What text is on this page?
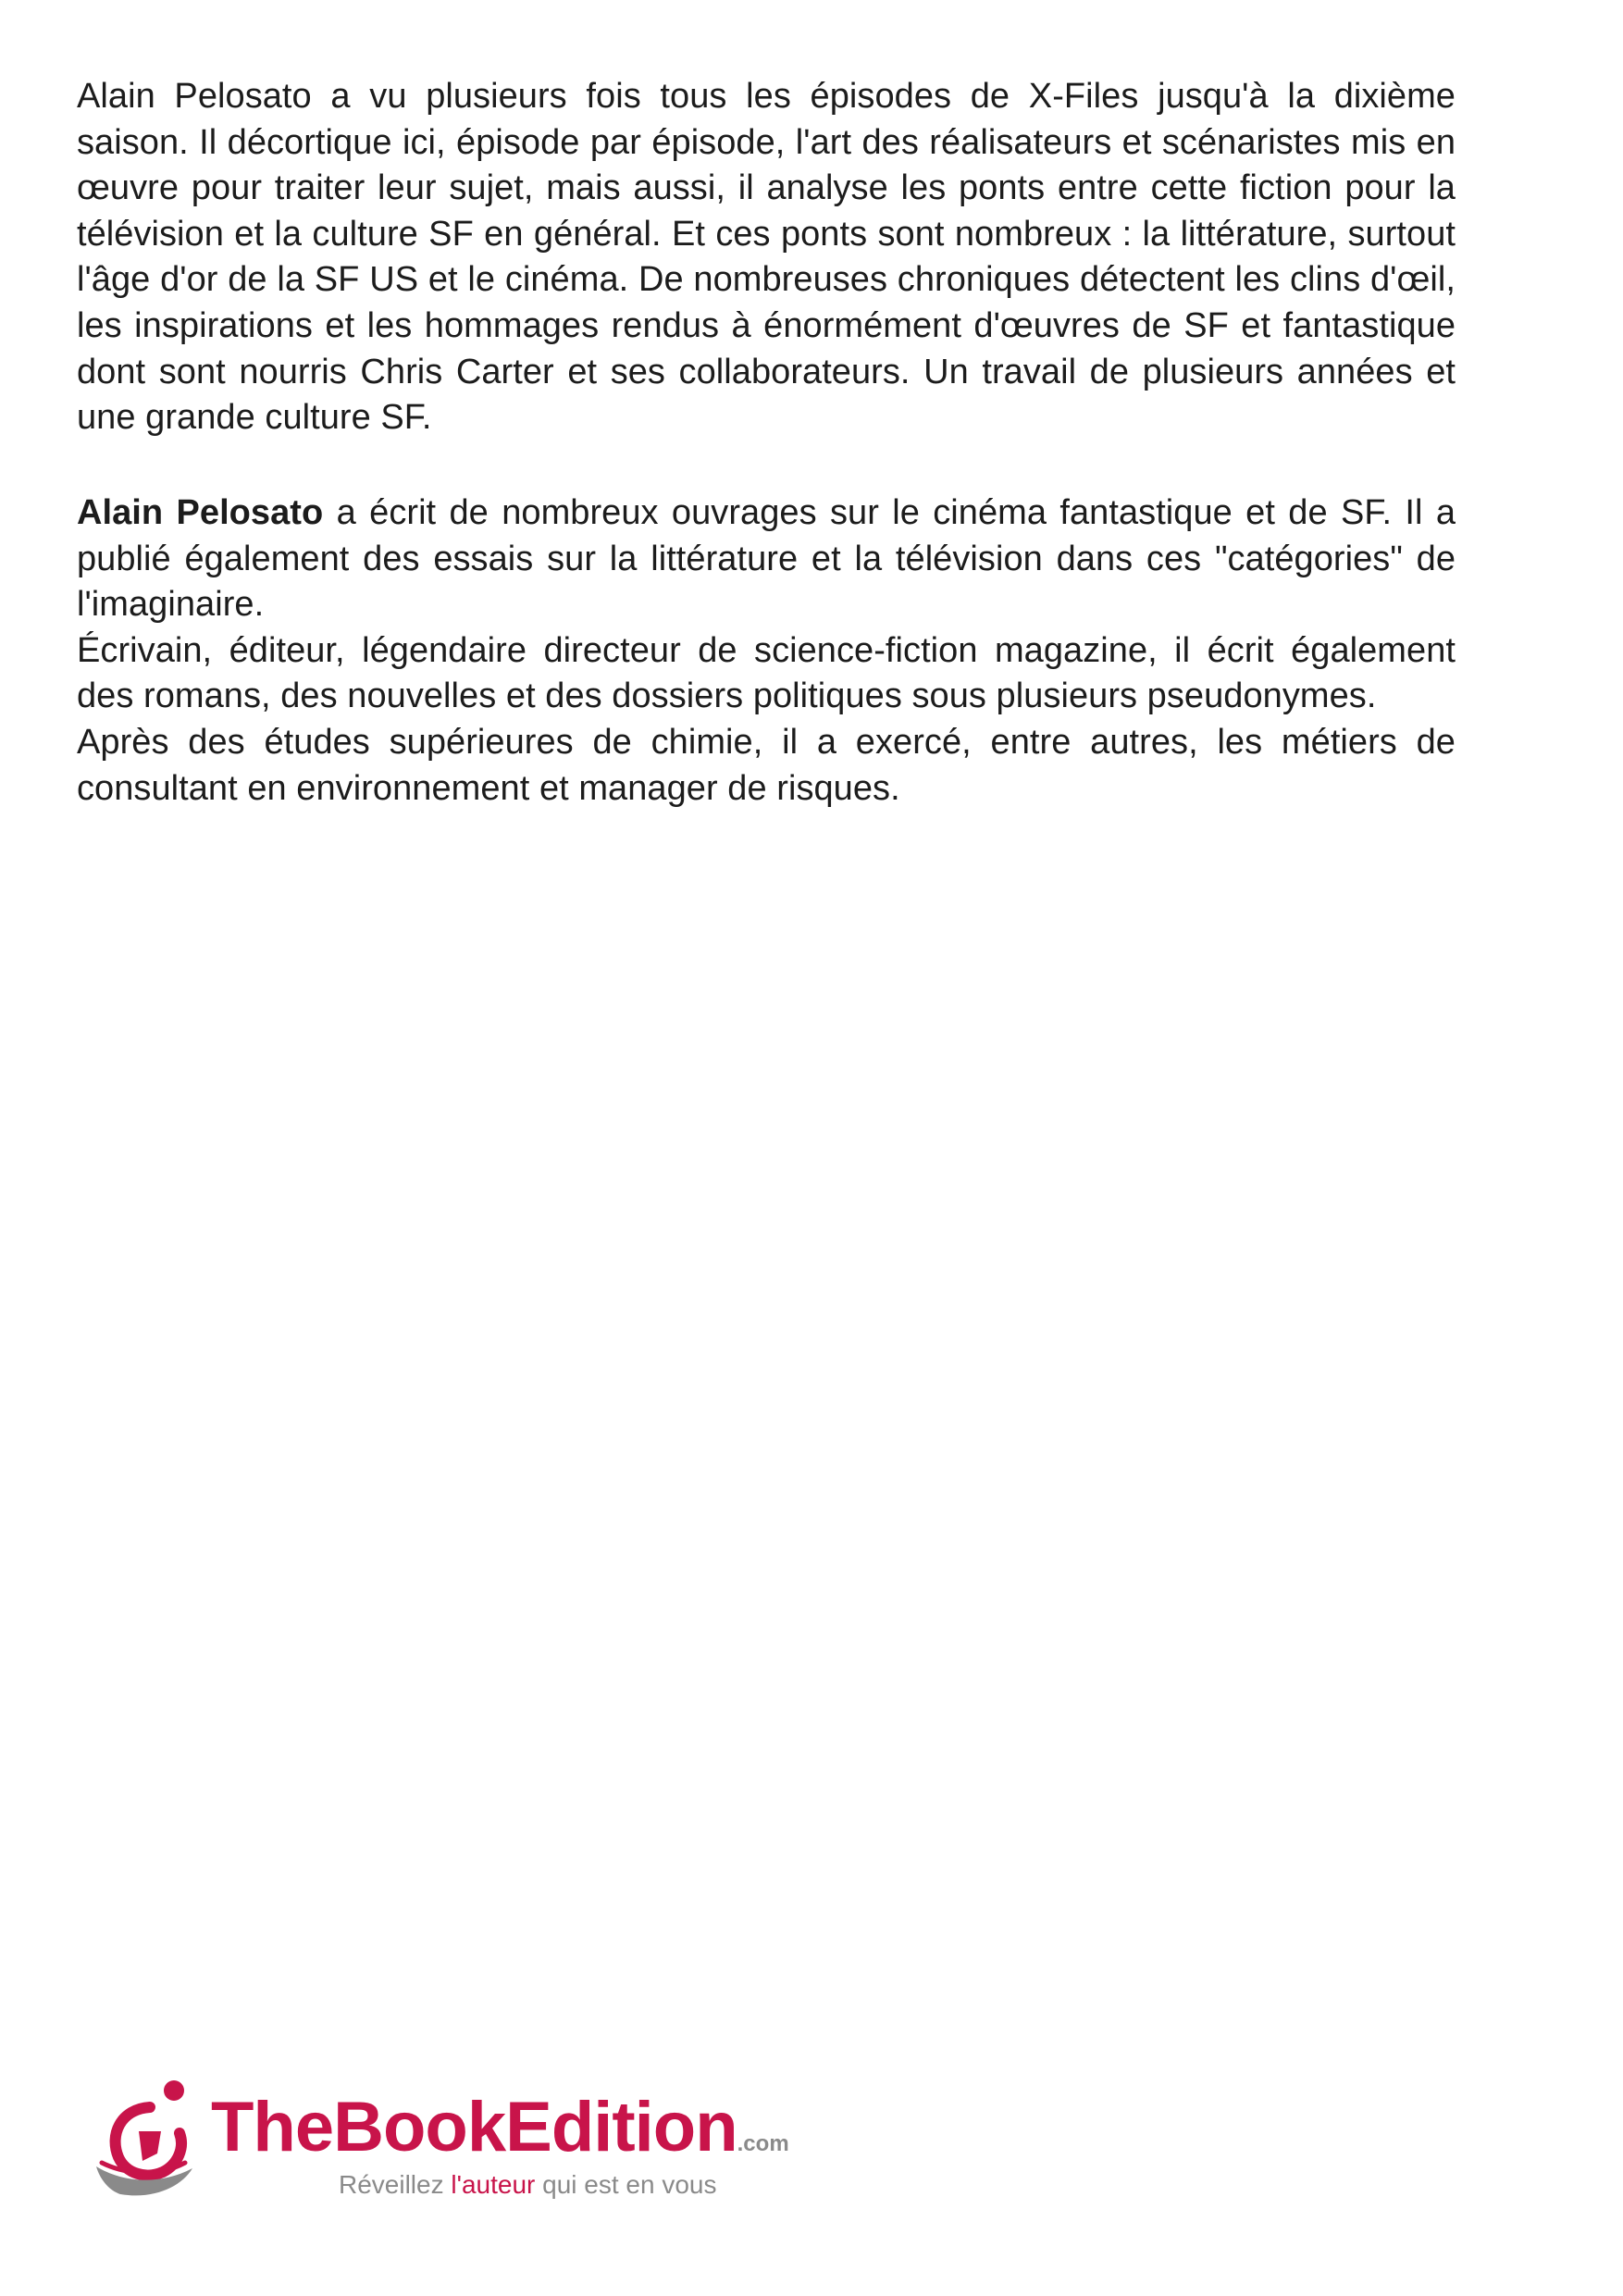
Alain Pelosato a vu plusieurs fois tous les épisodes de X-Files jusqu'à la dixième saison. Il décortique ici, épisode par épisode, l'art des réalisateurs et scénaristes mis en œuvre pour traiter leur sujet, mais aussi, il analyse les ponts entre cette fiction pour la télévision et la culture SF en général. Et ces ponts sont nombreux : la littérature, surtout l'âge d'or de la SF US et le cinéma. De nombreuses chroniques détectent les clins d'œil, les inspirations et les hommages rendus à énormément d'œuvres de SF et fantastique dont sont nourris Chris Carter et ses collaborateurs. Un travail de plusieurs années et une grande culture SF.

Alain Pelosato a écrit de nombreux ouvrages sur le cinéma fantastique et de SF. Il a publié également des essais sur la littérature et la télévision dans ces "catégories" de l'imaginaire.

Écrivain, éditeur, légendaire directeur de science-fiction magazine, il écrit également des romans, des nouvelles et des dossiers politiques sous plusieurs pseudonymes.

Après des études supérieures de chimie, il a exercé, entre autres, les métiers de consultant en environnement et manager de risques.

TheBookEdition.com
Réveillez l'auteur qui est en vous
